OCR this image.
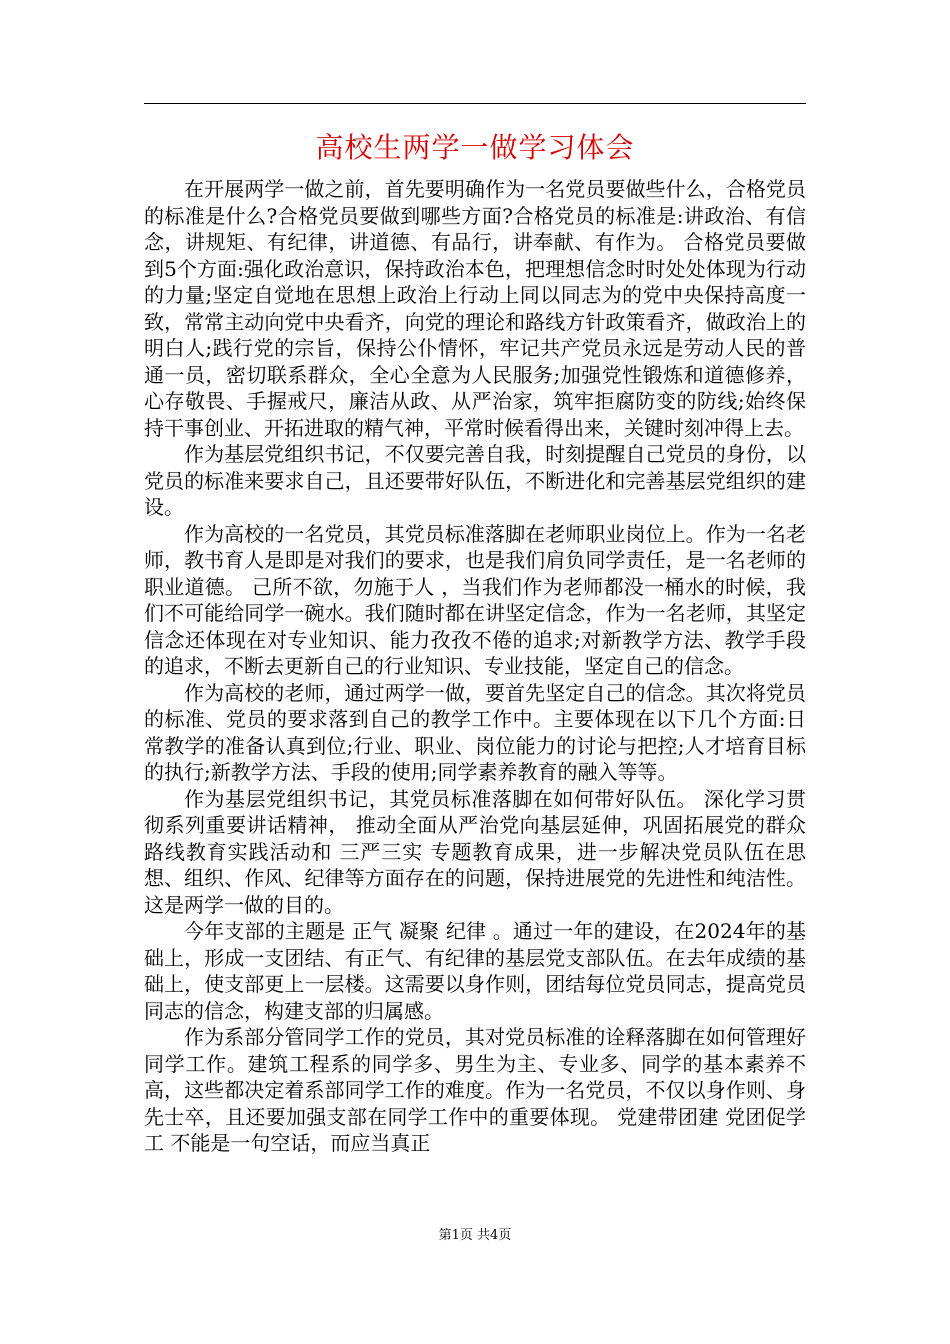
高校生两学一做学习体会

在开展两学一做之前，首先要明确作为一名党员要做些什么，合格党员的标准是什么?合格党员要做到哪些方面?合格党员的标准是:讲政治、有信念，讲规矩、有纪律，讲道德、有品行，讲奉献、有作为。 合格党员要做到5个方面:强化政治意识，保持政治本色，把理想信念时时处处体现为行动的力量;坚定自觉地在思想上政治上行动上同以同志为的党中央保持高度一致，常常主动向党中央看齐，向党的理论和路线方针政策看齐，做政治上的明白人;践行党的宗旨，保持公仆情怀，牢记共产党员永远是劳动人民的普通一员，密切联系群众，全心全意为人民服务;加强党性锻炼和道德修养，心存敬畏、手握戒尺，廉洁从政、从严治家，筑牢拒腐防变的防线;始终保持干事创业、开拓进取的精气神，平常时候看得出来，关键时刻冲得上去。

作为基层党组织书记，不仅要完善自我，时刻提醒自己党员的身份，以党员的标准来要求自己，且还要带好队伍，不断进化和完善基层党组织的建设。

作为高校的一名党员，其党员标准落脚在老师职业岗位上。作为一名老师，教书育人是即是对我们的要求，也是我们肩负同学责任，是一名老师的职业道德。 己所不欲，勿施于人 ，当我们作为老师都没一桶水的时候，我们不可能给同学一碗水。我们随时都在讲坚定信念，作为一名老师，其坚定信念还体现在对专业知识、能力孜孜不倦的追求;对新教学方法、教学手段的追求，不断去更新自己的行业知识、专业技能，坚定自己的信念。

作为高校的老师，通过两学一做，要首先坚定自己的信念。其次将党员的标准、党员的要求落到自己的教学工作中。主要体现在以下几个方面:日常教学的准备认真到位;行业、职业、岗位能力的讨论与把控;人才培育目标的执行;新教学方法、手段的使用;同学素养教育的融入等等。

作为基层党组织书记，其党员标准落脚在如何带好队伍。 深化学习贯彻系列重要讲话精神， 推动全面从严治党向基层延伸，巩固拓展党的群众路线教育实践活动和 三严三实 专题教育成果，进一步解决党员队伍在思想、组织、作风、纪律等方面存在的问题，保持进展党的先进性和纯洁性。 这是两学一做的目的。

今年支部的主题是 正气 凝聚 纪律 。通过一年的建设，在2024年的基础上，形成一支团结、有正气、有纪律的基层党支部队伍。在去年成绩的基础上，使支部更上一层楼。这需要以身作则，团结每位党员同志，提高党员同志的信念，构建支部的归属感。

作为系部分管同学工作的党员，其对党员标准的诠释落脚在如何管理好同学工作。建筑工程系的同学多、男生为主、专业多、同学的基本素养不高，这些都决定着系部同学工作的难度。作为一名党员，不仅以身作则、身先士卒，且还要加强支部在同学工作中的重要体现。 党建带团建 党团促学工 不能是一句空话，而应当真正

第1页 共4页
